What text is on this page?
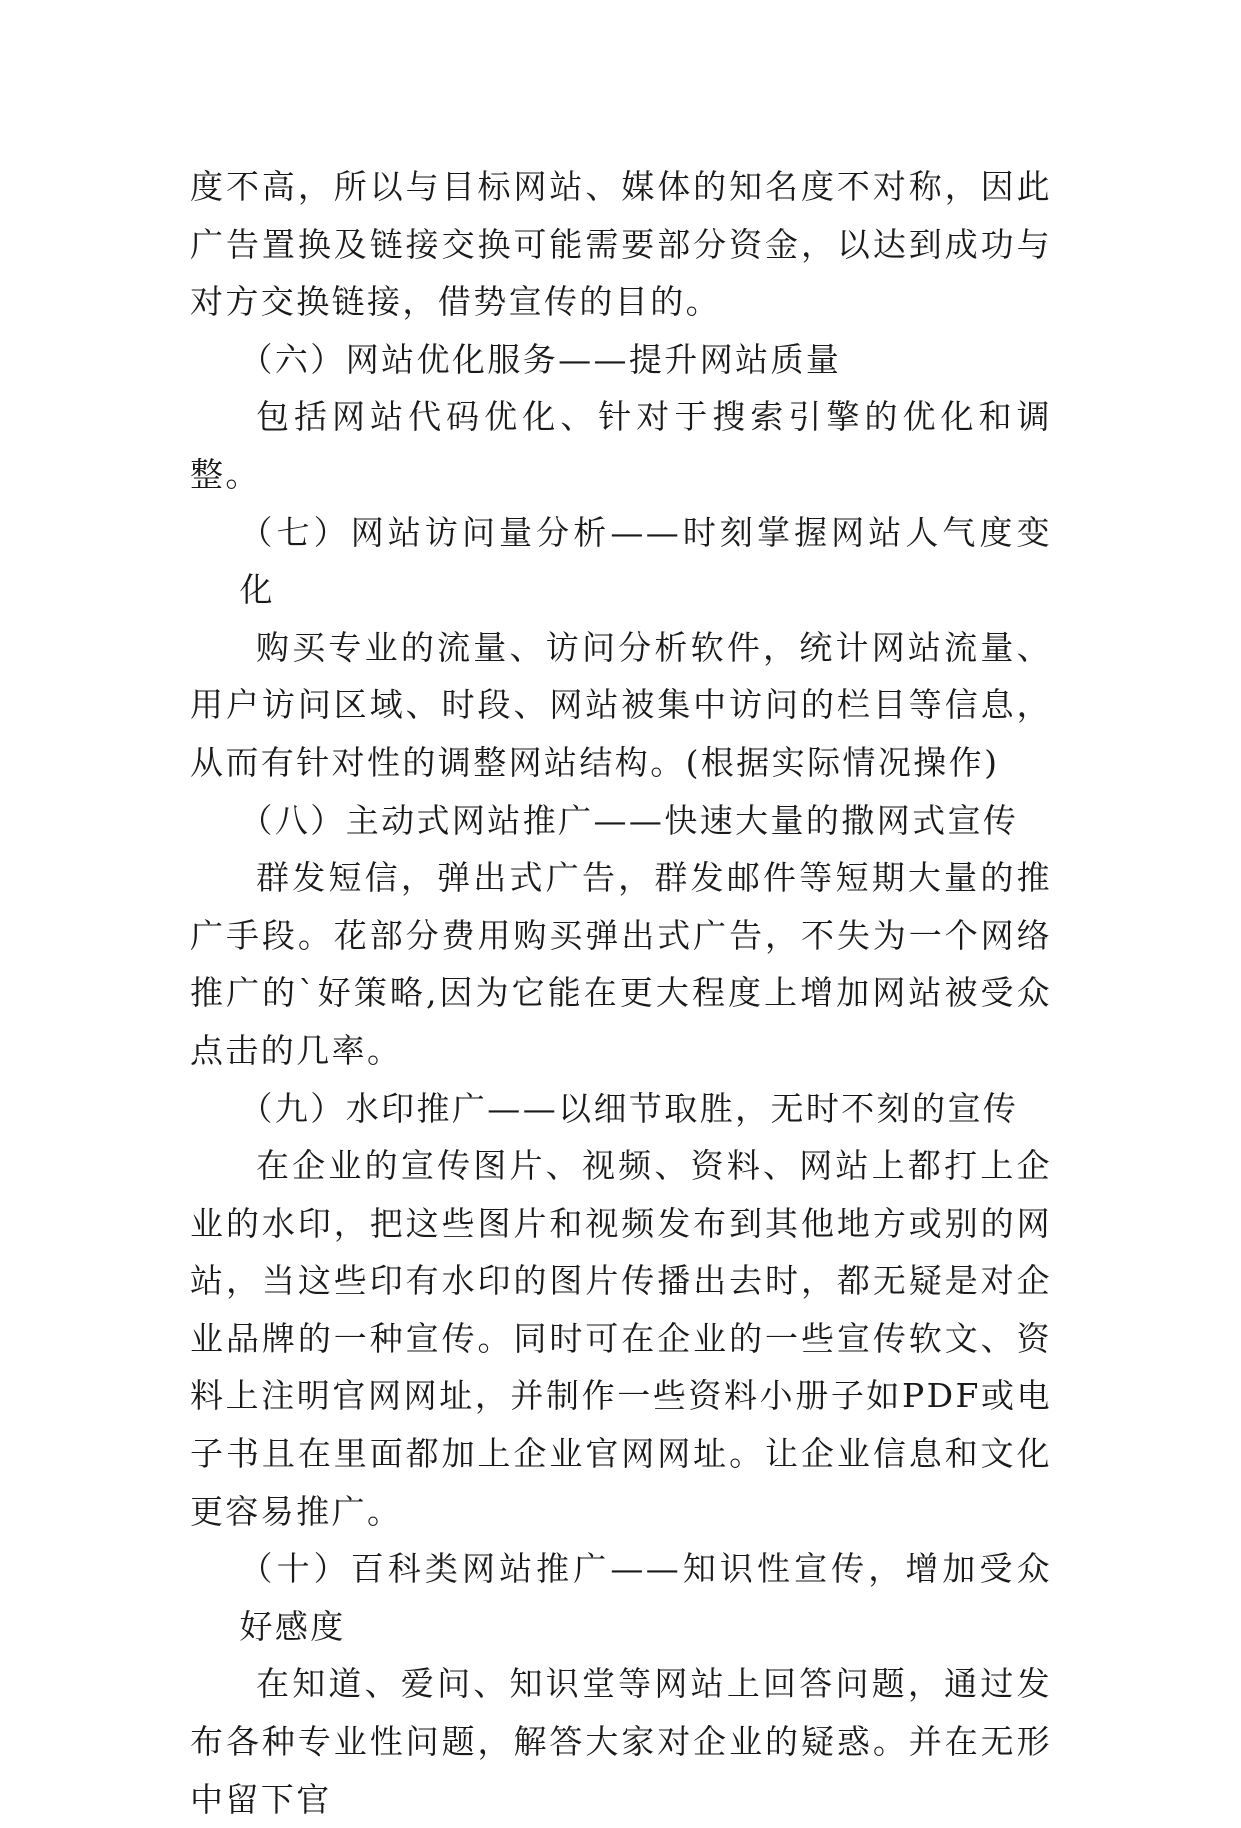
度不高，所以与目标网站、媒体的知名度不对称，因此广告置换及链接交换可能需要部分资金，以达到成功与对方交换链接，借势宣传的目的。

（六）网站优化服务——提升网站质量

包括网站代码优化、针对于搜索引擎的优化和调整。

（七）网站访问量分析——时刻掌握网站人气度变化

购买专业的流量、访问分析软件，统计网站流量、用户访问区域、时段、网站被集中访问的栏目等信息，从而有针对性的调整网站结构。(根据实际情况操作)

（八）主动式网站推广——快速大量的撒网式宣传

群发短信，弹出式广告，群发邮件等短期大量的推广手段。花部分费用购买弹出式广告，不失为一个网络推广的`好策略,因为它能在更大程度上增加网站被受众点击的几率。

（九）水印推广——以细节取胜，无时不刻的宣传

在企业的宣传图片、视频、资料、网站上都打上企业的水印，把这些图片和视频发布到其他地方或别的网站，当这些印有水印的图片传播出去时，都无疑是对企业品牌的一种宣传。同时可在企业的一些宣传软文、资料上注明官网网址，并制作一些资料小册子如PDF或电子书且在里面都加上企业官网网址。让企业信息和文化更容易推广。

（十）百科类网站推广——知识性宣传，增加受众好感度

在知道、爱问、知识堂等网站上回答问题，通过发布各种专业性问题，解答大家对企业的疑惑。并在无形中留下官
